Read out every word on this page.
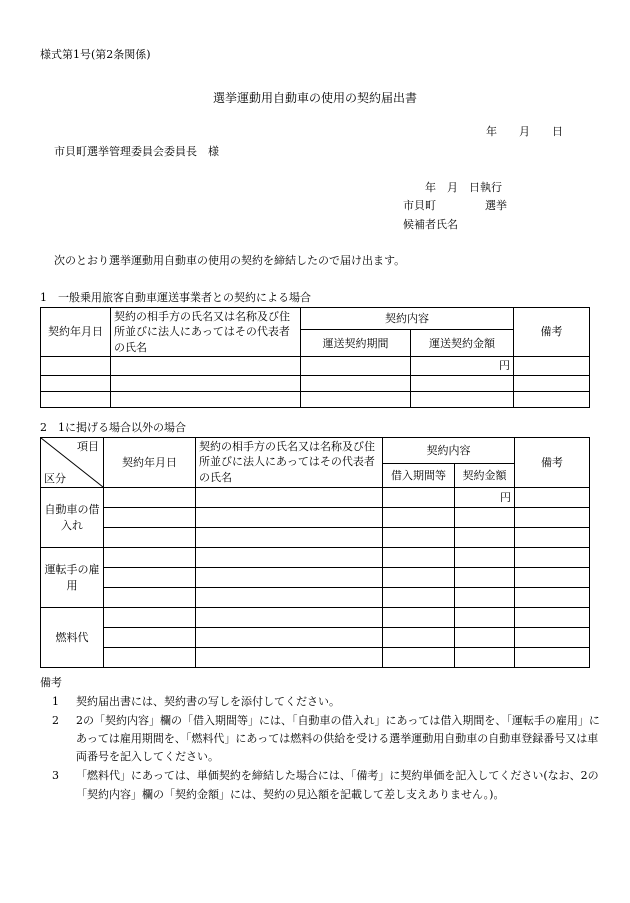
様式第1号(第2条関係)
選挙運動用自動車の使用の契約届出書
年　　月　　日
市貝町選挙管理委員会委員長　様
年　月　日執行
市貝町	選挙
候補者氏名
次のとおり選挙運動用自動車の使用の契約を締結したので届け出ます。
1　一般乗用旅客自動車運送事業者との契約による場合
契約年月日	契約の相手方の氏名又は名称及び住所並びに法人にあってはその代表者の氏名	契約内容		備考
		運送契約期間	運送契約金額	
			円	

2　1に掲げる場合以外の場合
項目
区分	契約年月日	契約の相手方の氏名又は名称及び住所並びに法人にあってはその代表者の氏名	契約内容		備考
			借入期間等	契約金額	
自動車の借入れ				円	

運転手の雇用					

燃料代					

備考
1	契約届出書には、契約書の写しを添付してください。
2	2の「契約内容」欄の「借入期間等」には、「自動車の借入れ」にあっては借入期間を、「運転手の雇用」にあっては雇用期間を、「燃料代」にあっては燃料の供給を受ける選挙運動用自動車の自動車登録番号又は車両番号を記入してください。
3	「燃料代」にあっては、単価契約を締結した場合には、「備考」に契約単価を記入してください(なお、2の「契約内容」欄の「契約金額」には、契約の見込額を記載して差し支えありません。)。
